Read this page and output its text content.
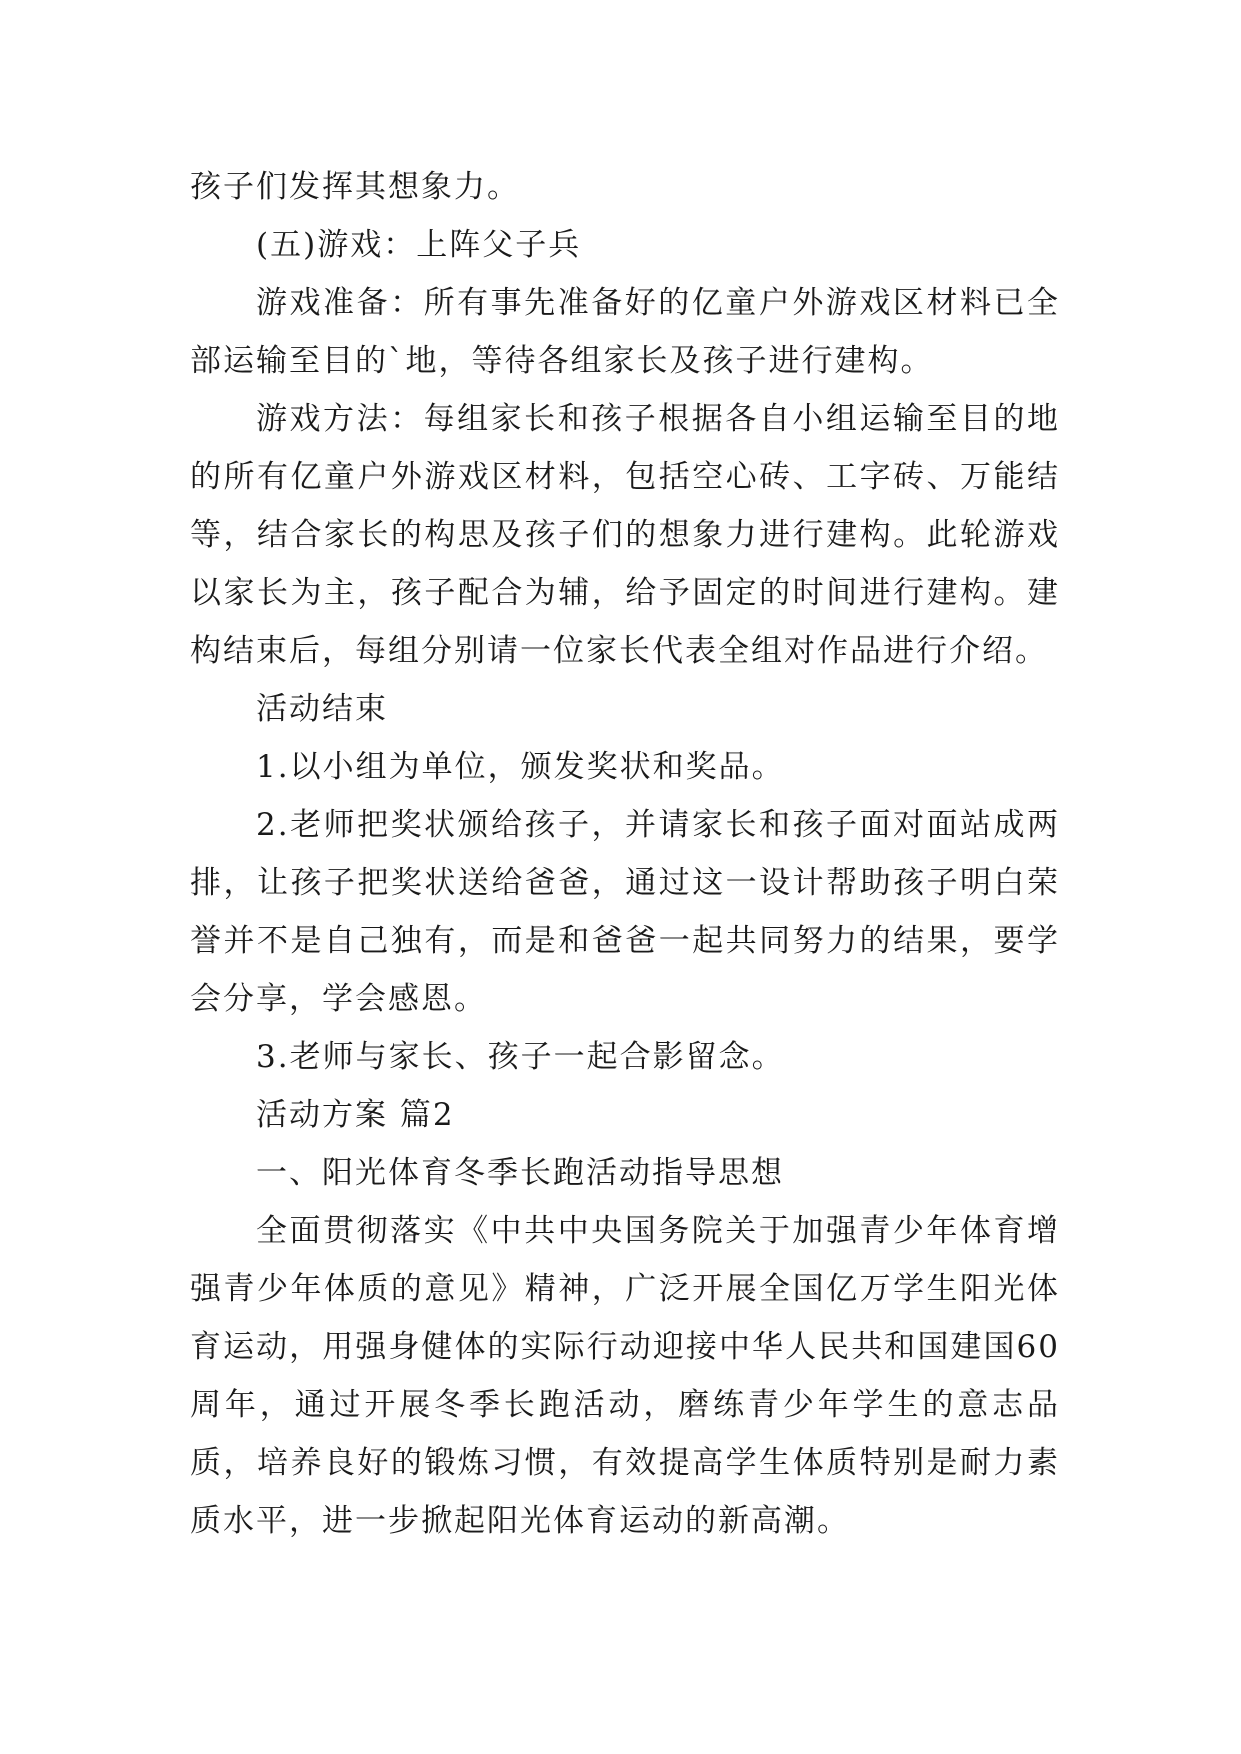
孩子们发挥其想象力。

(五)游戏：上阵父子兵

游戏准备：所有事先准备好的亿童户外游戏区材料已全部运输至目的`地，等待各组家长及孩子进行建构。

游戏方法：每组家长和孩子根据各自小组运输至目的地的所有亿童户外游戏区材料，包括空心砖、工字砖、万能结等，结合家长的构思及孩子们的想象力进行建构。此轮游戏以家长为主，孩子配合为辅，给予固定的时间进行建构。建构结束后，每组分别请一位家长代表全组对作品进行介绍。

活动结束

1.以小组为单位，颁发奖状和奖品。

2.老师把奖状颁给孩子，并请家长和孩子面对面站成两排，让孩子把奖状送给爸爸，通过这一设计帮助孩子明白荣誉并不是自己独有，而是和爸爸一起共同努力的结果，要学会分享，学会感恩。

3.老师与家长、孩子一起合影留念。

活动方案 篇2

一、阳光体育冬季长跑活动指导思想

全面贯彻落实《中共中央国务院关于加强青少年体育增强青少年体质的意见》精神，广泛开展全国亿万学生阳光体育运动，用强身健体的实际行动迎接中华人民共和国建国60周年，通过开展冬季长跑活动，磨练青少年学生的意志品质，培养良好的锻炼习惯，有效提高学生体质特别是耐力素质水平，进一步掀起阳光体育运动的新高潮。
